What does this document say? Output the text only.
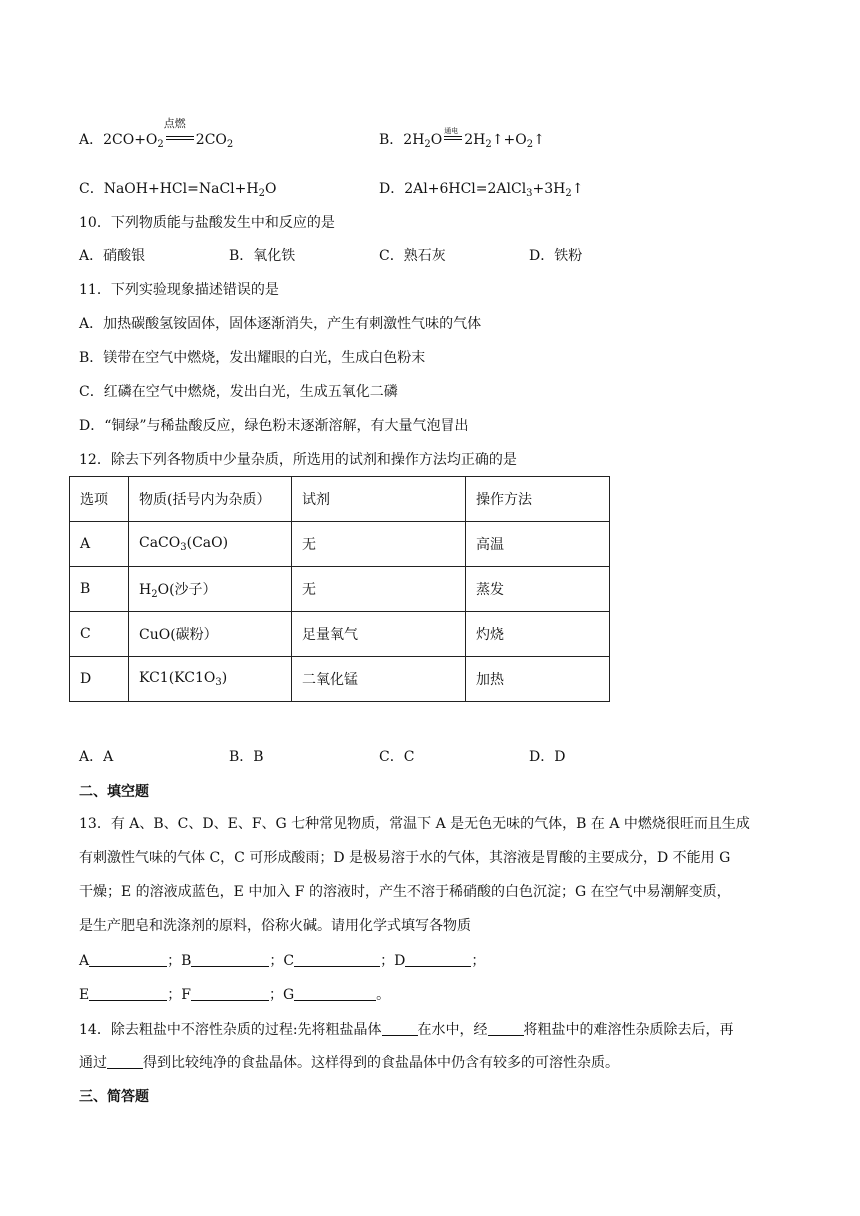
A．$2CO+O_2$
点燃
$2CO_2$	B．$2H_2O$
通电
$2H_2↑+O_2↑$
C．$NaOH+HCl=NaCl+H_2O$	D．$2Al+6HCl=2AlCl_3+3H_2↑$
10．下列物质能与盐酸发生中和反应的是
A．硝酸银	B．氧化铁	C．熟石灰	D．铁粉
11．下列实验现象描述错误的是
A．加热碳酸氢铵固体，固体逐渐消失，产生有刺激性气味的气体
B．镁带在空气中燃烧，发出耀眼的白光，生成白色粉末
C．红磷在空气中燃烧，发出白光，生成五氧化二磷
D．“铜绿”与稀盐酸反应，绿色粉末逐渐溶解，有大量气泡冒出
12．除去下列各物质中少量杂质，所选用的试剂和操作方法均正确的是
选项	物质(括号内为杂质）	试剂	操作方法
A	CaCO$_3$(CaO)	无	高温
B	$H_2O$(沙子）	无	蒸发
C	CuO(碳粉）	足量氧气	灼烧
D	$KC1(KC1O_3)$	二氧化锰	加热
A．A	B．B	C．C	D．D
二、填空题
13．有 A、B、C、D、E、F、G 七种常见物质，常温下 A 是无色无味的气体，B 在 A 中燃烧很旺而且生成
有刺激性气味的气体 C，C 可形成酸雨；D 是极易溶于水的气体，其溶液是胃酸的主要成分，D 不能用 G
干燥；E 的溶液成蓝色，E 中加入 F 的溶液时，产生不溶于稀硝酸的白色沉淀；G 在空气中易潮解变质，
是生产肥皂和洗涤剂的原料，俗称火碱。请用化学式填写各物质
A	；B	；C	；D	；
E	；F	；G	。
14．除去粗盐中不溶性杂质的过程:先将粗盐晶体	在水中，经	将粗盐中的难溶性杂质除去后，再
通过	得到比较纯净的食盐晶体。这样得到的食盐晶体中仍含有较多的可溶性杂质。
三、简答题
